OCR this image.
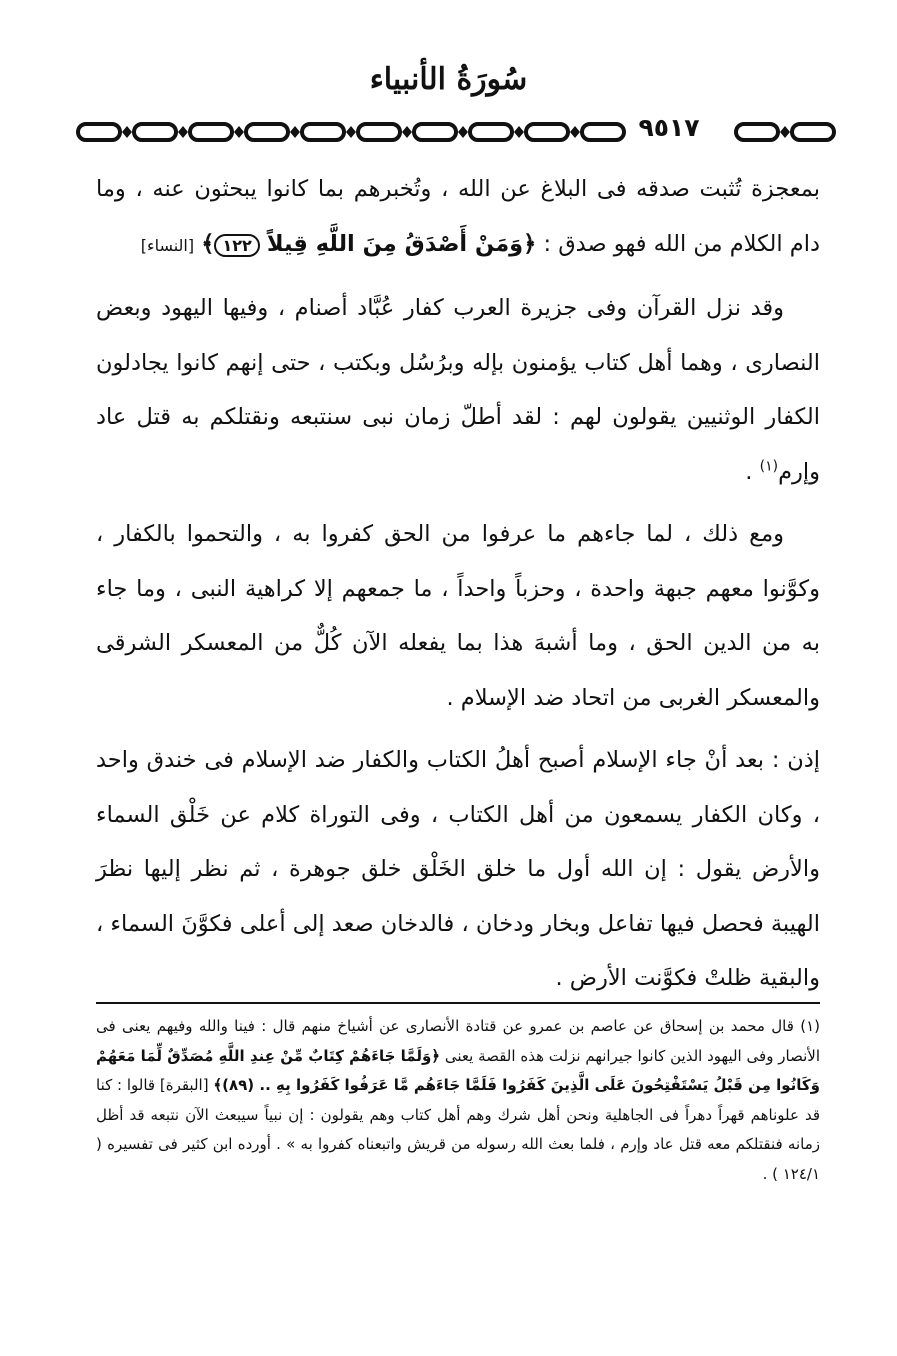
سُورَةُ الأنبياء
٩٥١٧

بمعجزة تُثبت صدقه فى البلاغ عن الله ، وتُخبرهم بما كانوا يبحثون عنه ، وما دام الكلام من الله فهو صدق : ﴿وَمَنْ أَصْدَقُ مِنَ اللَّهِ قِيلاً ١٢٢﴾ [النساء]

وقد نزل القرآن وفى جزيرة العرب كفار عُبَّاد أصنام ، وفيها اليهود وبعض النصارى ، وهما أهل كتاب يؤمنون بإله وبرُسُل وبكتب ، حتى إنهم كانوا يجادلون الكفار الوثنيين يقولون لهم : لقد أطلّ زمان نبى سنتبعه ونقتلكم به قتل عاد وإرم$^{(١)}$ .

ومع ذلك ، لما جاءهم ما عرفوا من الحق كفروا به ، والتحموا بالكفار ، وكوَّنوا معهم جبهة واحدة ، وحزباً واحداً ، ما جمعهم إلا كراهية النبى ، وما جاء به من الدين الحق ، وما أشبهَ هذا بما يفعله الآن كُلٌّ من المعسكر الشرقى والمعسكر الغربى من اتحاد ضد الإسلام .

إذن : بعد أنْ جاء الإسلام أصبح أهلُ الكتاب والكفار ضد الإسلام فى خندق واحد ، وكان الكفار يسمعون من أهل الكتاب ، وفى التوراة كلام عن خَلْق السماء والأرض يقول : إن الله أول ما خلق الخَلْق خلق جوهرة ، ثم نظر إليها نظرَ الهيبة فحصل فيها تفاعل وبخار ودخان ، فالدخان صعد إلى أعلى فكوَّنَ السماء ، والبقية ظلتْ فكوَّنت الأرض .

(١) قال محمد بن إسحاق عن عاصم بن عمرو عن قتادة الأنصارى عن أشياخ منهم قال : فينا والله وفيهم يعنى فى الأنصار وفى اليهود الذين كانوا جيرانهم نزلت هذه القصة يعنى ﴿وَلَمَّا جَاءَهُمْ كِتَابٌ مِّنْ عِندِ اللَّهِ مُصَدِّقٌ لِّمَا مَعَهُمْ وَكَانُوا مِن قَبْلُ يَسْتَفْتِحُونَ عَلَى الَّذِينَ كَفَرُوا فَلَمَّا جَاءَهُم مَّا عَرَفُوا كَفَرُوا بِهِ .. (٨٩)﴾ [البقرة] قالوا : كنا قد علوناهم قهراً دهراً فى الجاهلية ونحن أهل شرك وهم أهل كتاب وهم يقولون : إن نبياً سيبعث الآن نتبعه قد أظل زمانه فنقتلكم معه قتل عاد وإرم ، فلما بعث الله رسوله من قريش واتبعناه كفروا به » . أورده ابن كثير فى تفسيره ( ١٢٤/١ ) .
